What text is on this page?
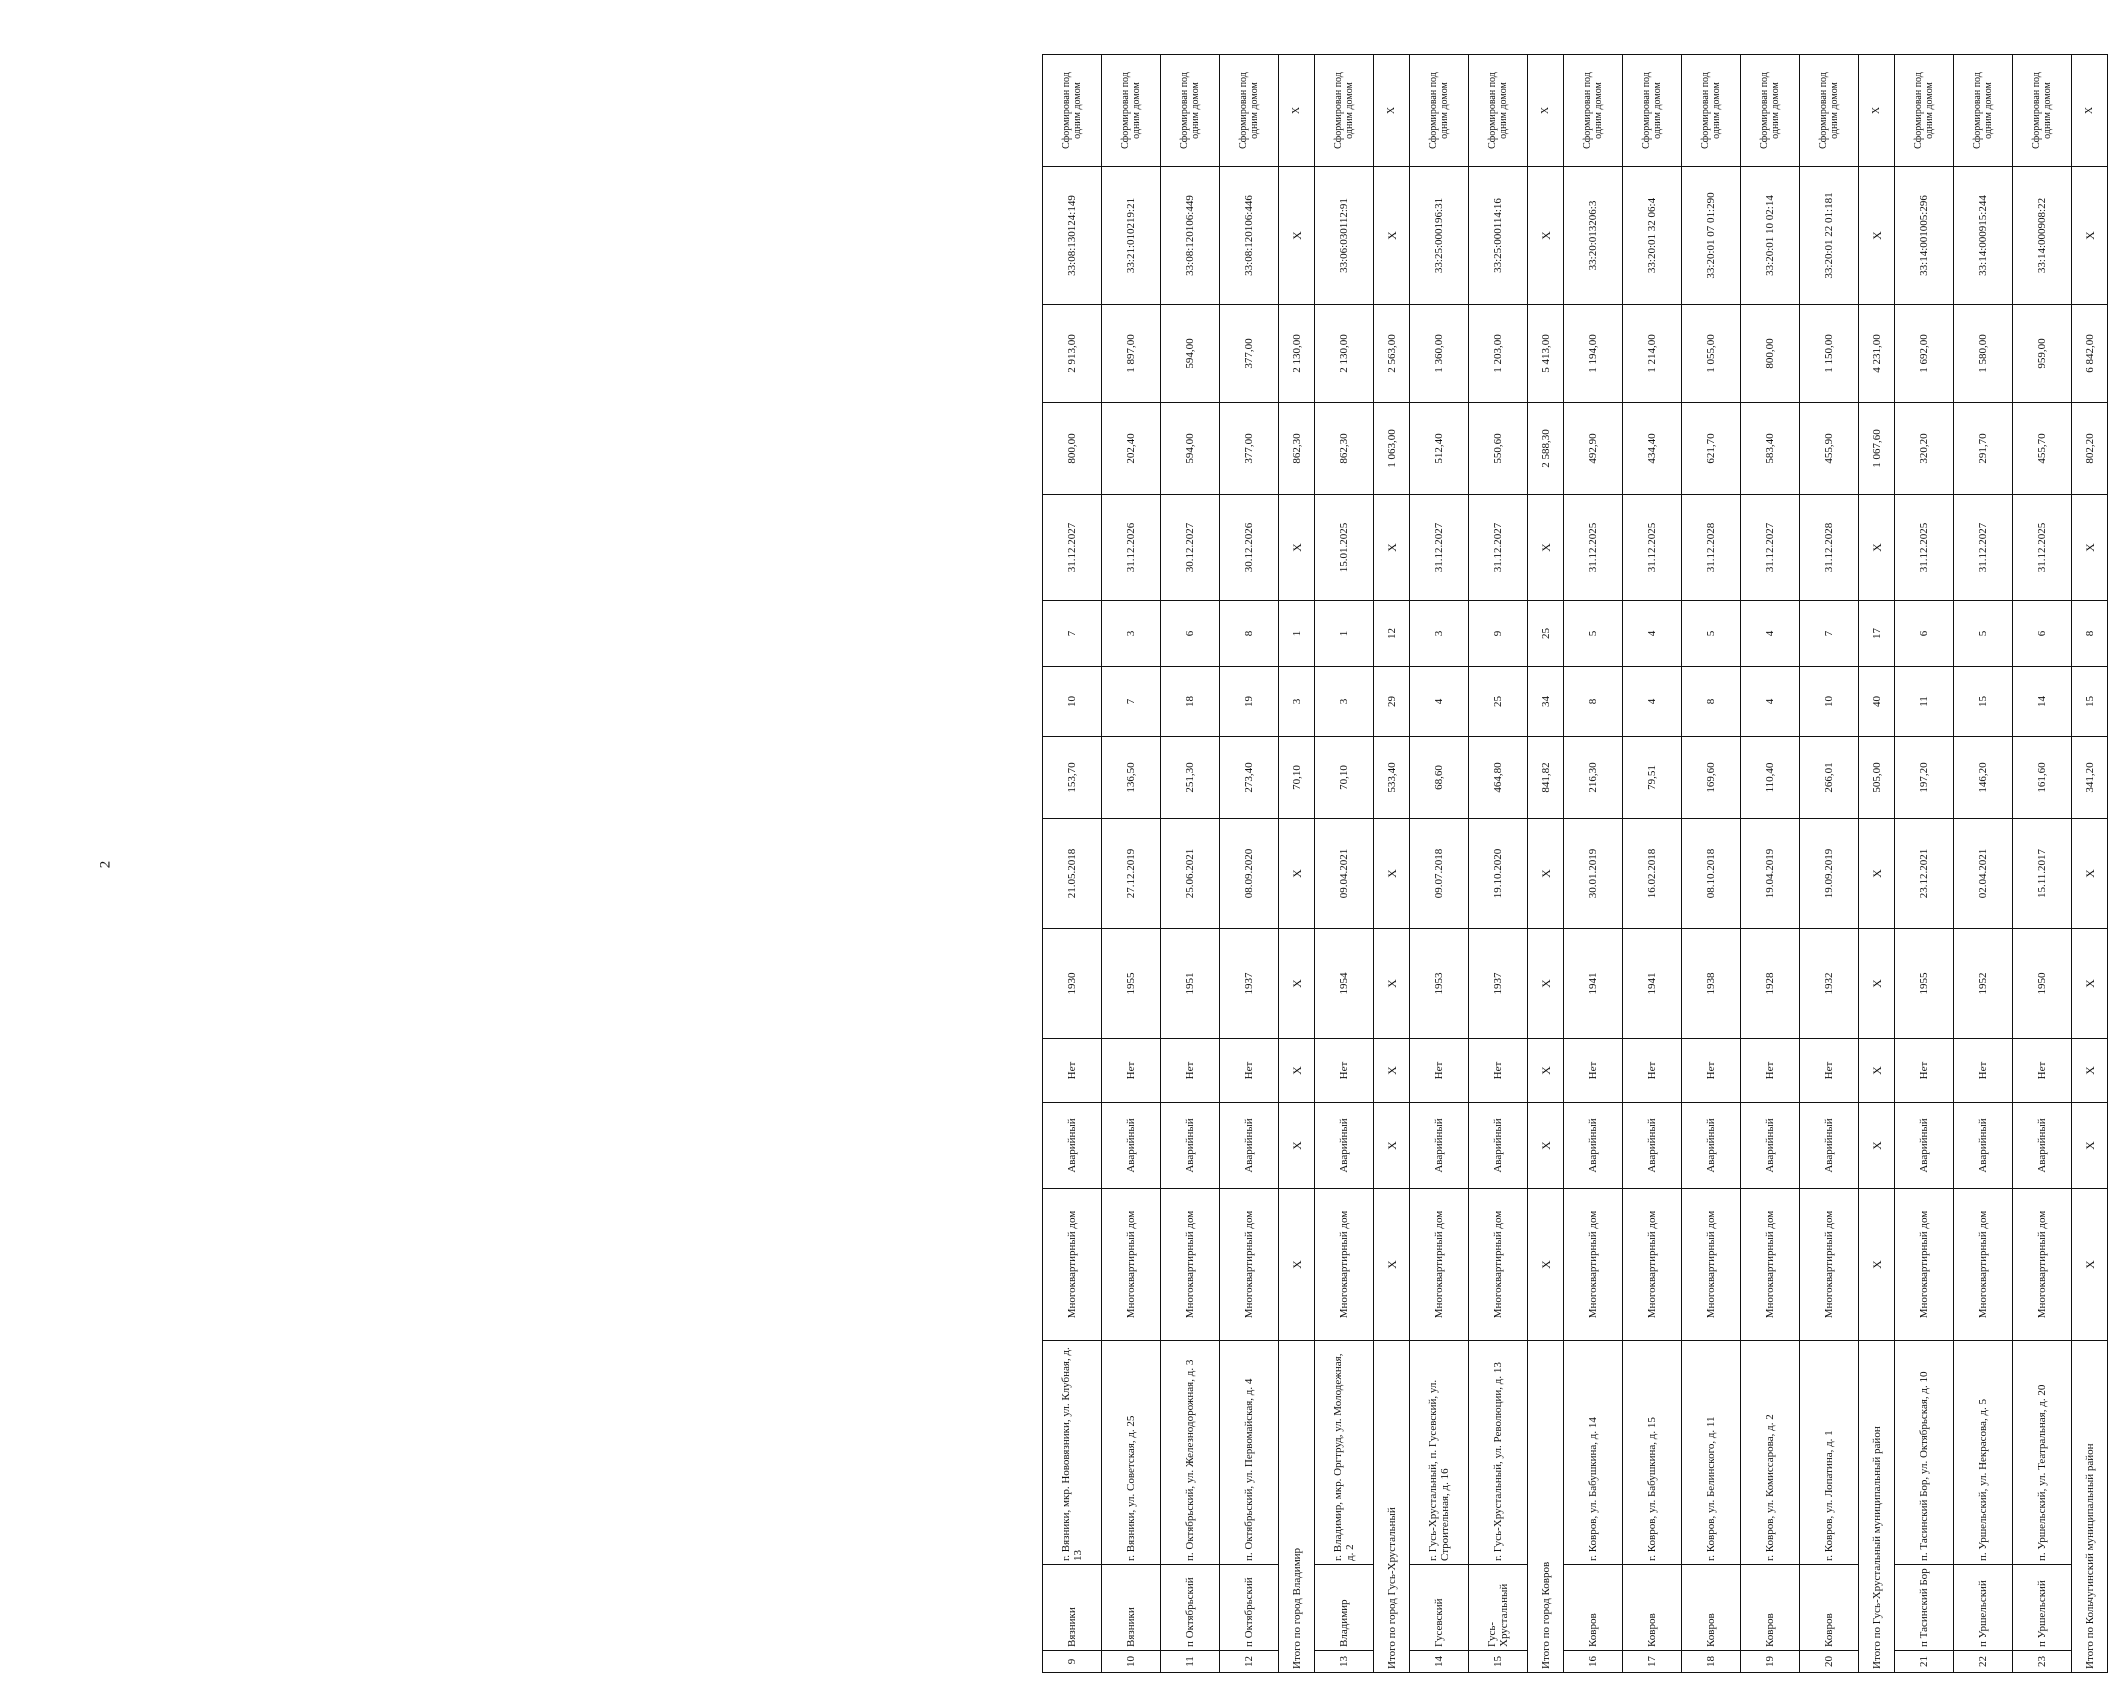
2
9	Вязники	г. Вязники, мкр. Нововязники, ул. Клубная, д. 13	Многоквартирный дом	Аварийный	Нет	1930	21.05.2018	153,70	10	7	31.12.2027	800,00	2 913,00	33:08:130124:149	Сформирован под одним домом
10	Вязники	г. Вязники, ул. Советская, д. 25	Многоквартирный дом	Аварийный	Нет	1955	27.12.2019	136,50	7	3	31.12.2026	202,40	1 897,00	33:21:010219:21	Сформирован под одним домом
11	п Октябрьский	п. Октябрьский, ул. Железнодорожная, д. 3	Многоквартирный дом	Аварийный	Нет	1951	25.06.2021	251,30	18	6	30.12.2027	594,00	594,00	33:08:120106:449	Сформирован под одним домом
12	п Октябрьский	п. Октябрьский, ул. Первомайская, д. 4	Многоквартирный дом	Аварийный	Нет	1937	08.09.2020	273,40	19	8	30.12.2026	377,00	377,00	33:08:120106:446	Сформирован под одним домом
Итого по город Владимир			X	X	X	X	X	70,10	3	1	X	862,30	2 130,00	X	X
13	Владимир	г. Владимир, мкр. Оргтруд, ул. Молодежная, д. 2	Многоквартирный дом	Аварийный	Нет	1954	09.04.2021	70,10	3	1	15.01.2025	862,30	2 130,00	33:06:030112:91	Сформирован под одним домом
Итого по город Гусь-Хрустальный			X	X	X	X	X	533,40	29	12	X	1 063,00	2 563,00	X	X
14	Гусевский	г. Гусь-Хрустальный, п. Гусевский, ул. Строительная, д. 16	Многоквартирный дом	Аварийный	Нет	1953	09.07.2018	68,60	4	3	31.12.2027	512,40	1 360,00	33:25:000196:31	Сформирован под одним домом
15	Гусь-Хрустальный	г. Гусь-Хрустальный, ул. Революции, д. 13	Многоквартирный дом	Аварийный	Нет	1937	19.10.2020	464,80	25	9	31.12.2027	550,60	1 203,00	33:25:000114:16	Сформирован под одним домом
Итого по город Ковров			X	X	X	X	X	841,82	34	25	X	2 588,30	5 413,00	X	X
16	Ковров	г. Ковров, ул. Бабушкина, д. 14	Многоквартирный дом	Аварийный	Нет	1941	30.01.2019	216,30	8	5	31.12.2025	492,90	1 194,00	33:20:013206:3	Сформирован под одним домом
17	Ковров	г. Ковров, ул. Бабушкина, д. 15	Многоквартирный дом	Аварийный	Нет	1941	16.02.2018	79,51	4	4	31.12.2025	434,40	1 214,00	33:20:01 32 06:4	Сформирован под одним домом
18	Ковров	г. Ковров, ул. Белинского, д. 11	Многоквартирный дом	Аварийный	Нет	1938	08.10.2018	169,60	8	5	31.12.2028	621,70	1 055,00	33:20:01 07 01:290	Сформирован под одним домом
19	Ковров	г. Ковров, ул. Комиссарова, д. 2	Многоквартирный дом	Аварийный	Нет	1928	19.04.2019	110,40	4	4	31.12.2027	583,40	800,00	33:20:01 10 02:14	Сформирован под одним домом
20	Ковров	г. Ковров, ул. Лопатина, д. 1	Многоквартирный дом	Аварийный	Нет	1932	19.09.2019	266,01	10	7	31.12.2028	455,90	1 150,00	33:20:01 22 01:181	Сформирован под одним домом
Итого по Гусь-Хрустальный муниципальный район			X	X	X	X	X	505,00	40	17	X	1 067,60	4 231,00	X	X
21	п Тасинский Бор	п. Тасинский Бор, ул. Октябрьская, д. 10	Многоквартирный дом	Аварийный	Нет	1955	23.12.2021	197,20	11	6	31.12.2025	320,20	1 692,00	33:14:001005:296	Сформирован под одним домом
22	п Уршельский	п. Уршельский, ул. Некрасова, д. 5	Многоквартирный дом	Аварийный	Нет	1952	02.04.2021	146,20	15	5	31.12.2027	291,70	1 580,00	33:14:000915:244	Сформирован под одним домом
23	п Уршельский	п. Уршельский, ул. Театральная, д. 20	Многоквартирный дом	Аварийный	Нет	1950	15.11.2017	161,60	14	6	31.12.2025	455,70	959,00	33:14:000908:22	Сформирован под одним домом
Итого по Кольчугинский муниципальный район			X	X	X	X	X	341,20	15	8	X	802,20	6 842,00	X	X
